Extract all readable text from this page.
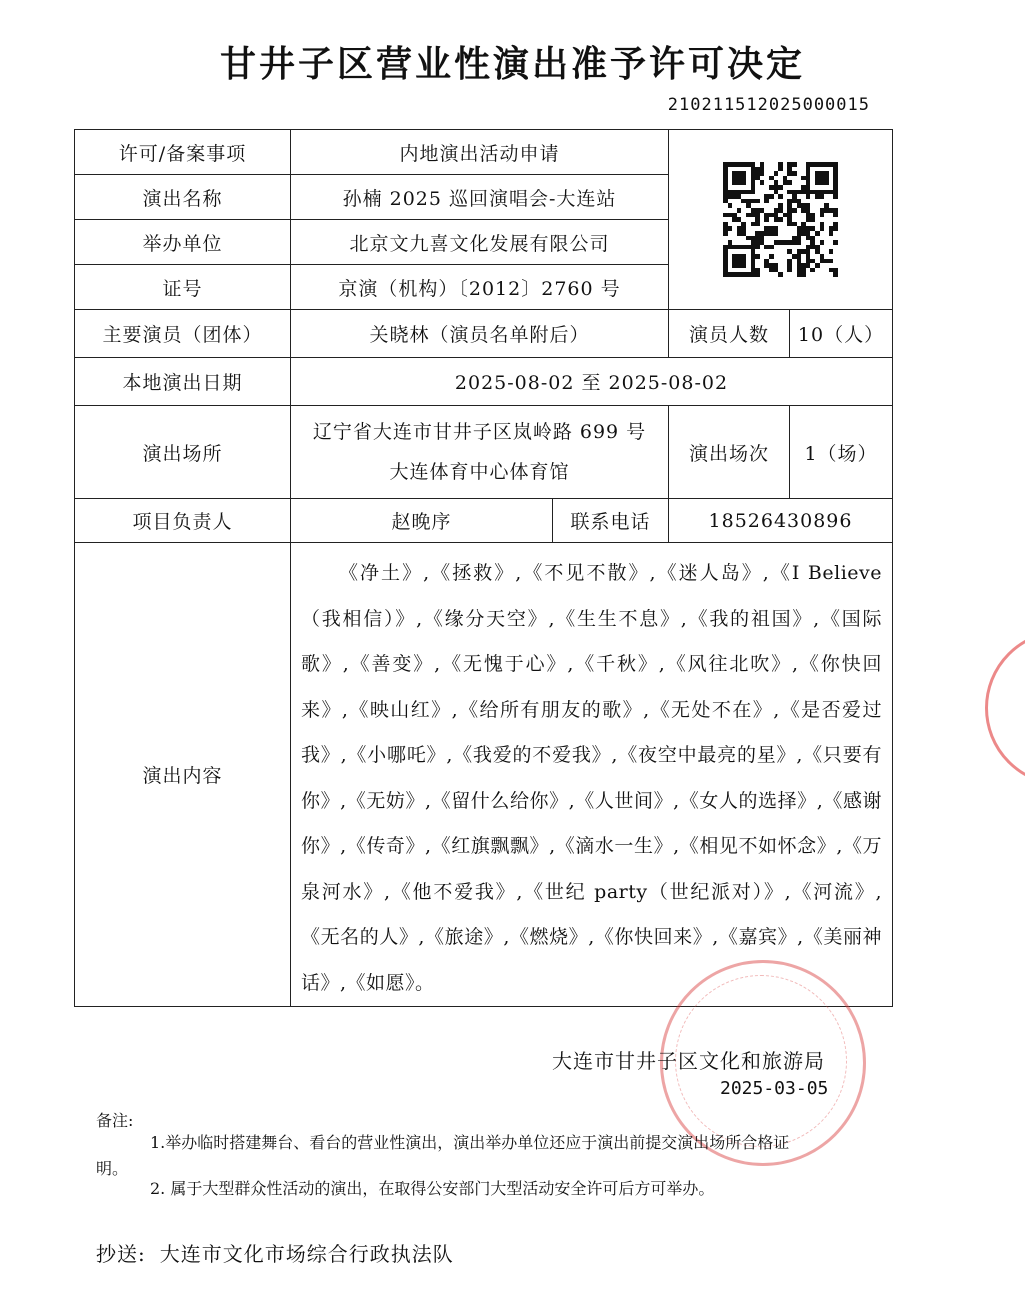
甘井子区营业性演出准予许可决定
210211512025000015
许可/备案事项	内地演出活动申请			

演出名称	孙楠 2025 巡回演唱会-大连站			
举办单位	北京文九喜文化发展有限公司			
证号	京演（机构）〔2012〕2760 号			
主要演员（团体）	关晓林（演员名单附后）		演员人数	10（人）
本地演出日期	2025-08-02 至 2025-08-02			
演出场所	辽宁省大连市甘井子区岚岭路 699 号
大连体育中心体育馆		演出场次	1（场）
项目负责人	赵晚序	联系电话	18526430896	
演出内容	《净土》,《拯救》,《不见不散》,《迷人岛》,《I Believe（我相信）》,《缘分天空》,《生生不息》,《我的祖国》,《国际歌》,《善变》,《无愧于心》,《千秋》,《风往北吹》,《你快回来》,《映山红》,《给所有朋友的歌》,《无处不在》,《是否爱过我》,《小哪吒》,《我爱的不爱我》,《夜空中最亮的星》,《只要有你》,《无妨》,《留什么给你》,《人世间》,《女人的选择》,《感谢你》,《传奇》,《红旗飘飘》,《滴水一生》,《相见不如怀念》,《万泉河水》,《他不爱我》,《世纪 party（世纪派对）》,《河流》,《无名的人》,《旅途》,《燃烧》,《你快回来》,《嘉宾》,《美丽神话》,《如愿》。			
大连市甘井子区文化和旅游局
2025-03-05
备注:
1.举办临时搭建舞台、看台的营业性演出，演出举办单位还应于演出前提交演出场所合格证
明。
2. 属于大型群众性活动的演出，在取得公安部门大型活动安全许可后方可举办。
抄送: 大连市文化市场综合行政执法队
